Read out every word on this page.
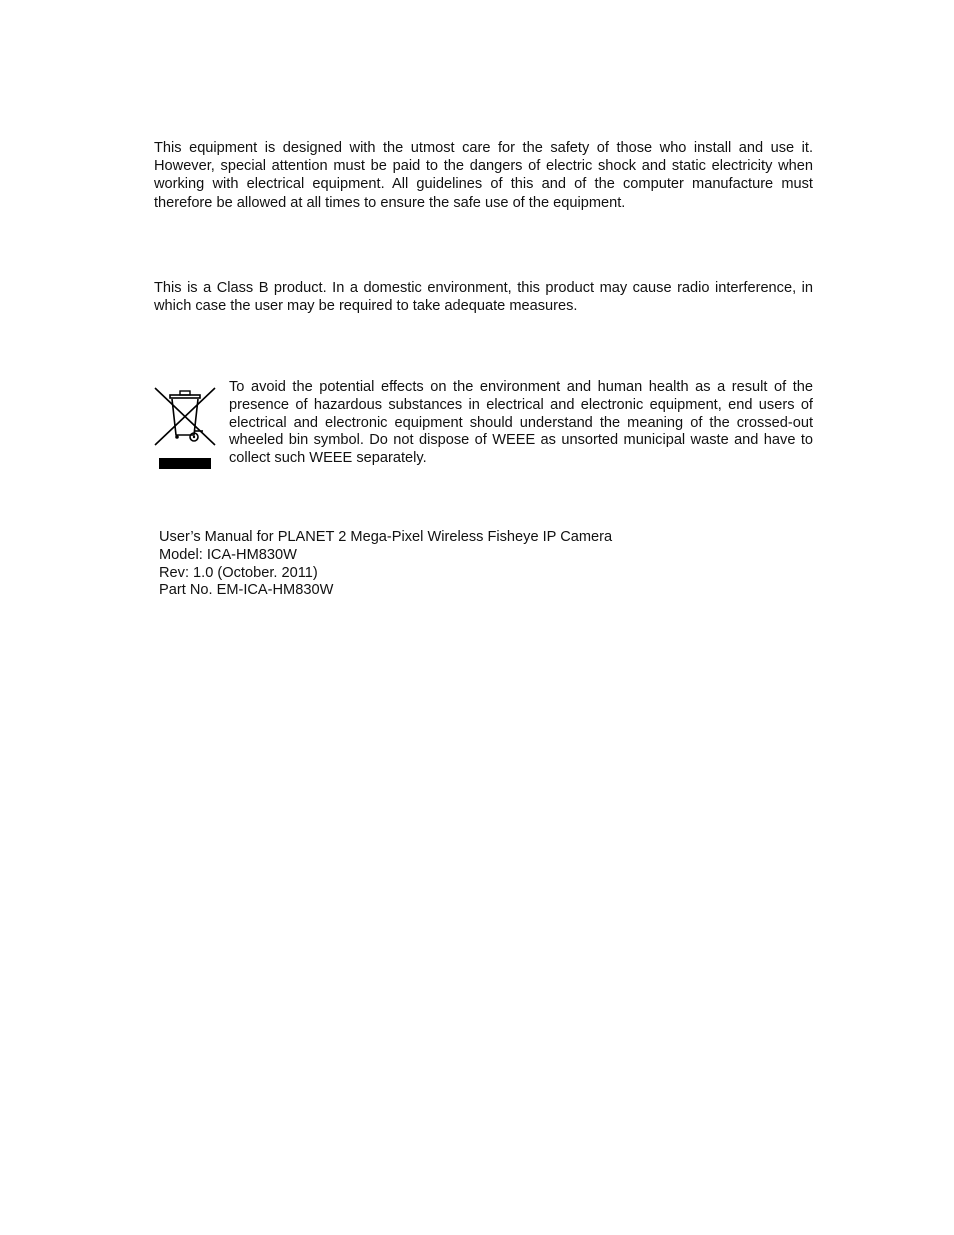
This equipment is designed with the utmost care for the safety of those who install and use it. However, special attention must be paid to the dangers of electric shock and static electricity when working with electrical equipment. All guidelines of this and of the computer manufacture must therefore be allowed at all times to ensure the safe use of the equipment.

This is a Class B product. In a domestic environment, this product may cause radio interference, in which case the user may be required to take adequate measures.

To avoid the potential effects on the environment and human health as a result of the presence of hazardous substances in electrical and electronic equipment, end users of electrical and electronic equipment should understand the meaning of the crossed-out wheeled bin symbol. Do not dispose of WEEE as unsorted municipal waste and have to collect such WEEE separately.

User’s Manual for PLANET 2 Mega-Pixel Wireless Fisheye IP Camera
Model: ICA-HM830W
Rev: 1.0 (October. 2011)
Part No. EM-ICA-HM830W
